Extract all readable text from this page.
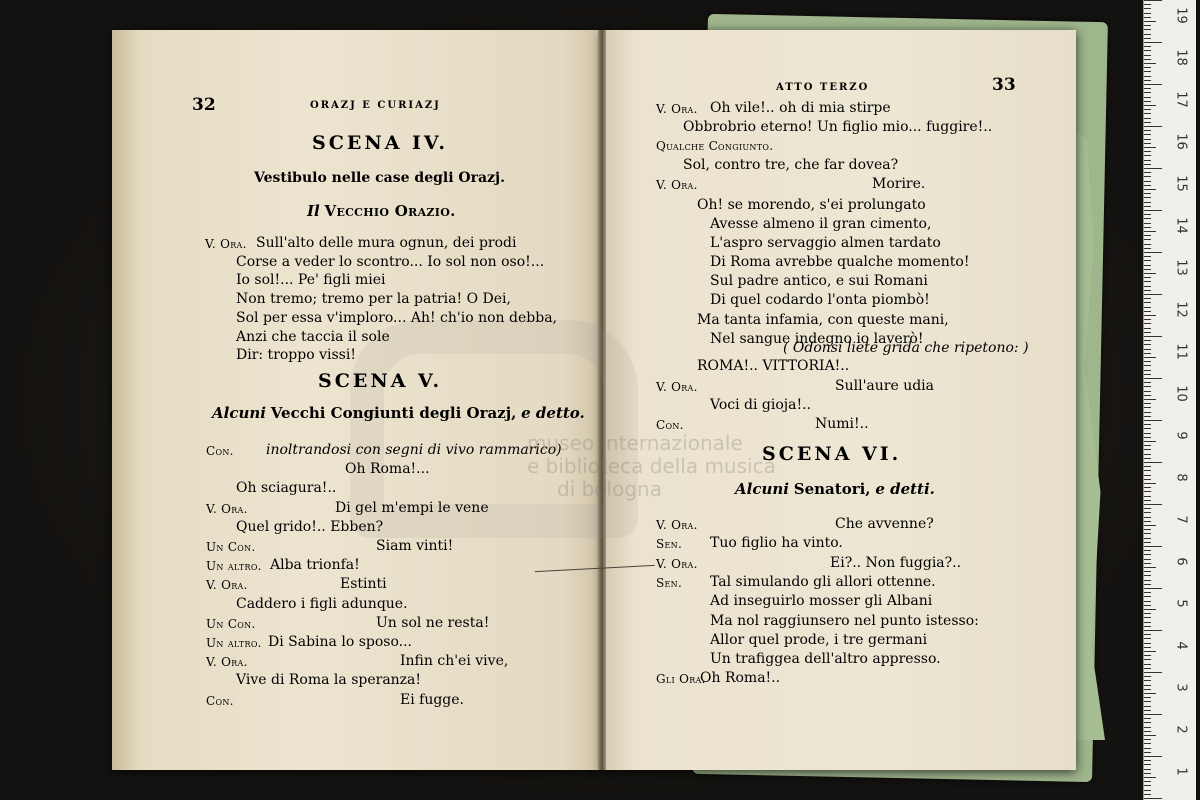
32	ORAZJ E CURIAZJ
SCENA IV.
Vestibulo nelle case degli Orazj.
Il Vecchio Orazio.
V. Ora. Sull'alto delle mura ognun, dei prodi
Corse a veder lo scontro... Io sol non oso!...
Io sol!... Pe' figli miei
Non tremo; tremo per la patria! O Dei,
Sol per essa v'imploro... Ah! ch'io non debba,
Anzi che taccia il sole
Dir: troppo vissi!
SCENA V.
Alcuni Vecchi Congiunti degli Orazj, e detto.
Con. inoltrandosi con segni di vivo rammarico)
Oh Roma!...
Oh sciagura!..
V. Ora.	Di gel m'empi le vene
Quel grido!.. Ebben?
Un Con.	Siam vinti!
Un altro. Alba trionfa!
V. Ora.	Estinti
Caddero i figli adunque.
Un Con.	Un sol ne resta!
Un altro. Di Sabina lo sposo...
V. Ora.	Infin ch'ei vive,
Vive di Roma la speranza!
Con.	Ei fugge.
ATTO TERZO	33
V. Ora. Oh vile!.. oh di mia stirpe
Obbrobrio eterno! Un figlio mio... fuggire!..
Qualche Congiunto.
Sol, contro tre, che far dovea?
V. Ora.	Morire.
Oh! se morendo, s'ei prolungato
Avesse almeno il gran cimento,
L'aspro servaggio almen tardato
Di Roma avrebbe qualche momento!
Sul padre antico, e sui Romani
Di quel codardo l'onta piombò!
Ma tanta infamia, con queste mani,
Nel sangue indegno io laverò!
( Odonsi liete grida che ripetono: )
ROMA!.. VITTORIA!..
V. Ora.	Sull'aure udia
Voci di gioja!..
Con.	Numi!..
SCENA VI.
Alcuni Senatori, e detti.
V. Ora.	Che avvenne?
Sen. Tuo figlio ha vinto.
V. Ora.	Ei?.. Non fuggia?..
Sen. Tal simulando gli allori ottenne.
Ad inseguirlo mosser gli Albani
Ma nol raggiunsero nel punto istesso:
Allor quel prode, i tre germani
Un trafiggea dell'altro appresso.
Gli Ora.
Oh Roma!..
museo internazionale
e biblioteca della musica
di bologna
19
18
17
16
15
14
13
12
11
10
9
8
7
6
5
4
3
2
1
